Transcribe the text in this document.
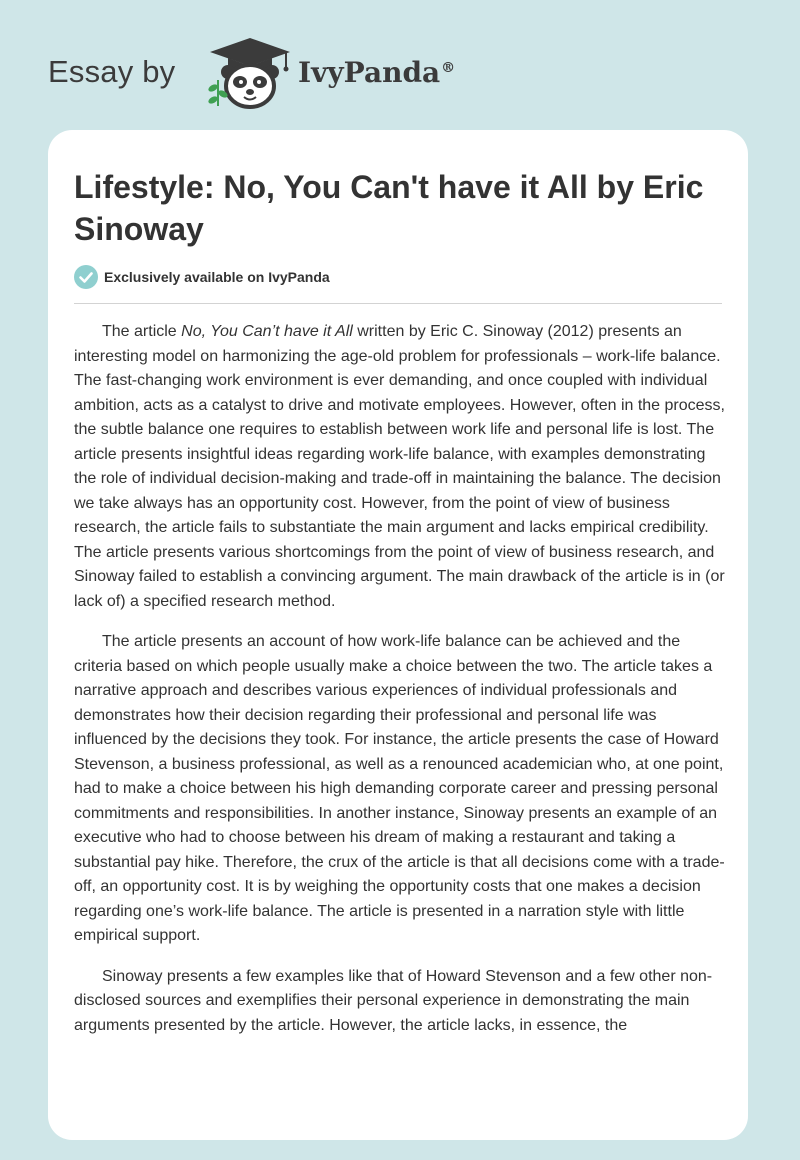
Essay by	IvyPanda®
Lifestyle: No, You Can't have it All by Eric Sinoway
Exclusively available on IvyPanda

The article No, You Can’t have it All written by Eric C. Sinoway (2012) presents an interesting model on harmonizing the age-old problem for professionals – work-life balance. The fast-changing work environment is ever demanding, and once coupled with individual ambition, acts as a catalyst to drive and motivate employees. However, often in the process, the subtle balance one requires to establish between work life and personal life is lost. The article presents insightful ideas regarding work-life balance, with examples demonstrating the role of individual decision-making and trade-off in maintaining the balance. The decision we take always has an opportunity cost. However, from the point of view of business research, the article fails to substantiate the main argument and lacks empirical credibility. The article presents various shortcomings from the point of view of business research, and Sinoway failed to establish a convincing argument. The main drawback of the article is in (or lack of) a specified research method.

The article presents an account of how work-life balance can be achieved and the criteria based on which people usually make a choice between the two. The article takes a narrative approach and describes various experiences of individual professionals and demonstrates how their decision regarding their professional and personal life was influenced by the decisions they took. For instance, the article presents the case of Howard Stevenson, a business professional, as well as a renounced academician who, at one point, had to make a choice between his high demanding corporate career and pressing personal commitments and responsibilities. In another instance, Sinoway presents an example of an executive who had to choose between his dream of making a restaurant and taking a substantial pay hike. Therefore, the crux of the article is that all decisions come with a trade-off, an opportunity cost. It is by weighing the opportunity costs that one makes a decision regarding one’s work-life balance. The article is presented in a narration style with little empirical support.

Sinoway presents a few examples like that of Howard Stevenson and a few other non-disclosed sources and exemplifies their personal experience in demonstrating the main arguments presented by the article. However, the article lacks, in essence, the
